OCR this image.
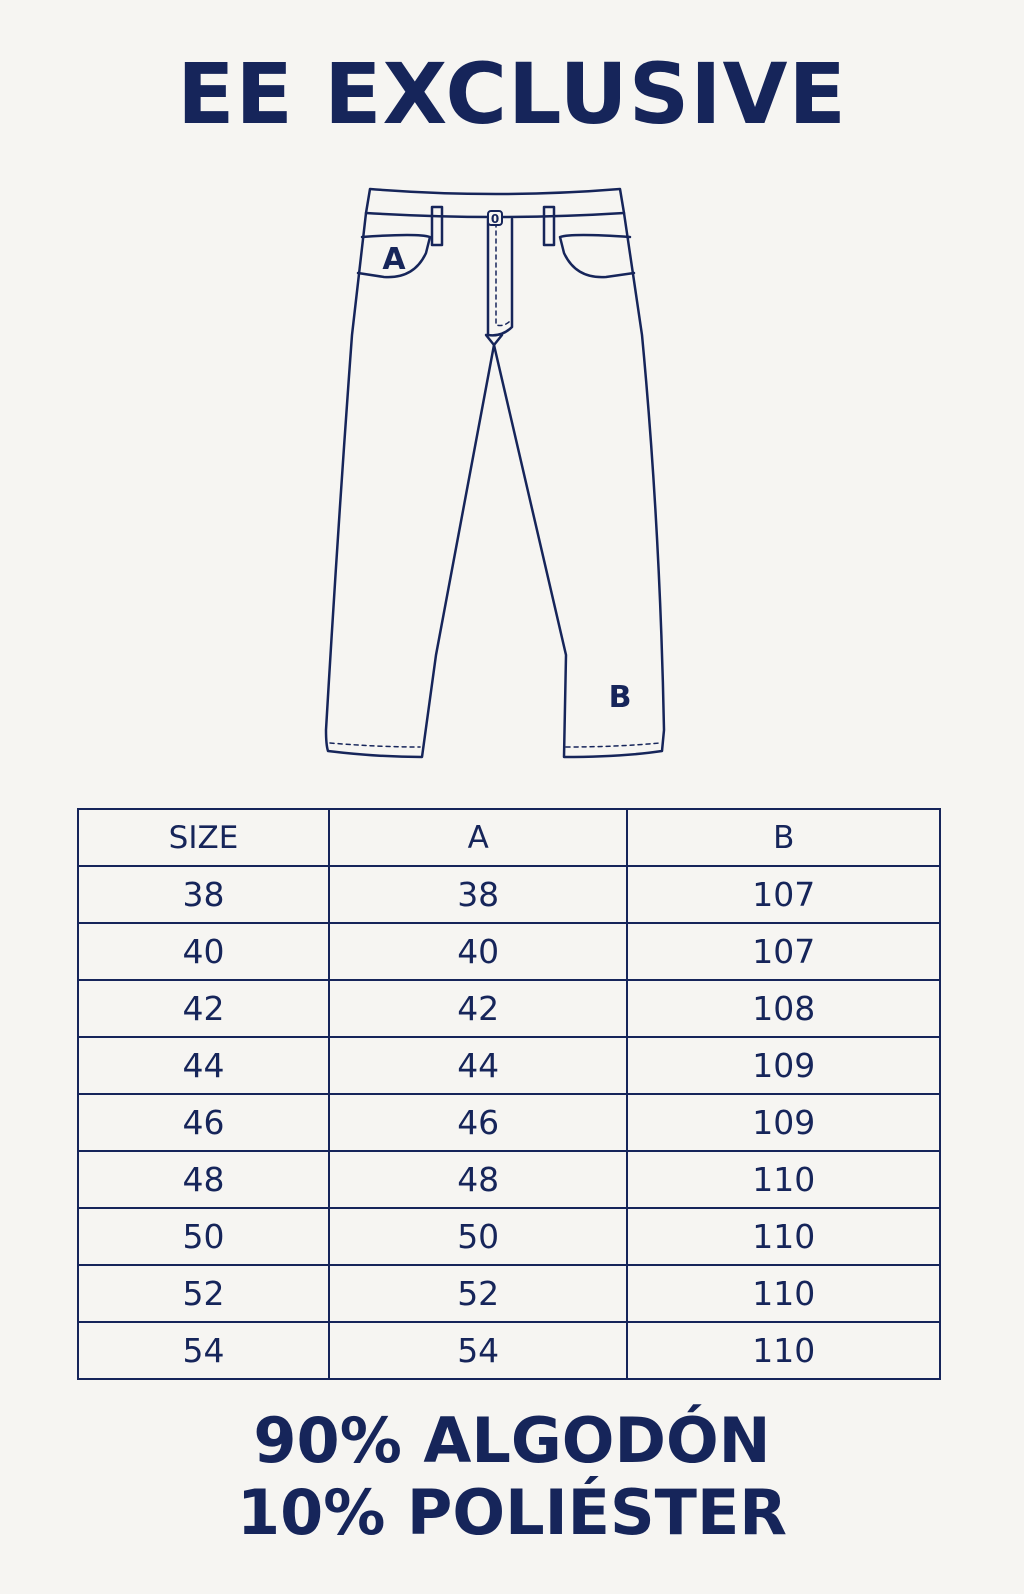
EE EXCLUSIVE
0
A
B
SIZE	A	B
38	38	107
40	40	107
42	42	108
44	44	109
46	46	109
48	48	110
50	50	110
52	52	110
54	54	110
90% ALGODÓN
10% POLIÉSTER
